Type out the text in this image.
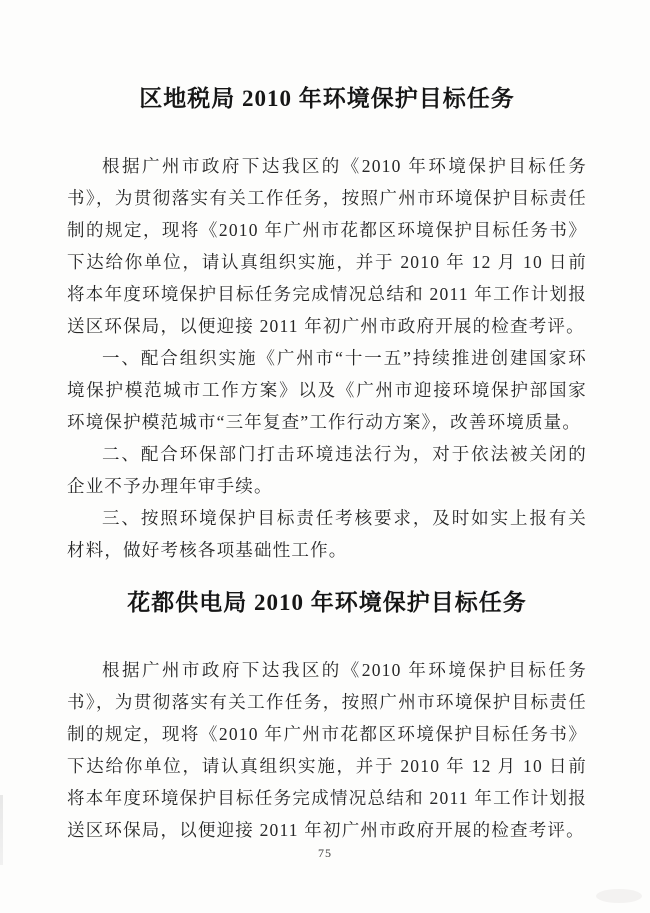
区地税局 2010 年环境保护目标任务

根据广州市政府下达我区的《2010 年环境保护目标任务书》，为贯彻落实有关工作任务，按照广州市环境保护目标责任制的规定，现将《2010 年广州市花都区环境保护目标任务书》下达给你单位，请认真组织实施，并于 2010 年 12 月 10 日前将本年度环境保护目标任务完成情况总结和 2011 年工作计划报送区环保局，以便迎接 2011 年初广州市政府开展的检查考评。

一、配合组织实施《广州市“十一五”持续推进创建国家环境保护模范城市工作方案》以及《广州市迎接环境保护部国家环境保护模范城市“三年复查”工作行动方案》，改善环境质量。

二、配合环保部门打击环境违法行为，对于依法被关闭的企业不予办理年审手续。

三、按照环境保护目标责任考核要求，及时如实上报有关材料，做好考核各项基础性工作。

花都供电局 2010 年环境保护目标任务

根据广州市政府下达我区的《2010 年环境保护目标任务书》，为贯彻落实有关工作任务，按照广州市环境保护目标责任制的规定，现将《2010 年广州市花都区环境保护目标任务书》下达给你单位，请认真组织实施，并于 2010 年 12 月 10 日前将本年度环境保护目标任务完成情况总结和 2011 年工作计划报送区环保局，以便迎接 2011 年初广州市政府开展的检查考评。

75
